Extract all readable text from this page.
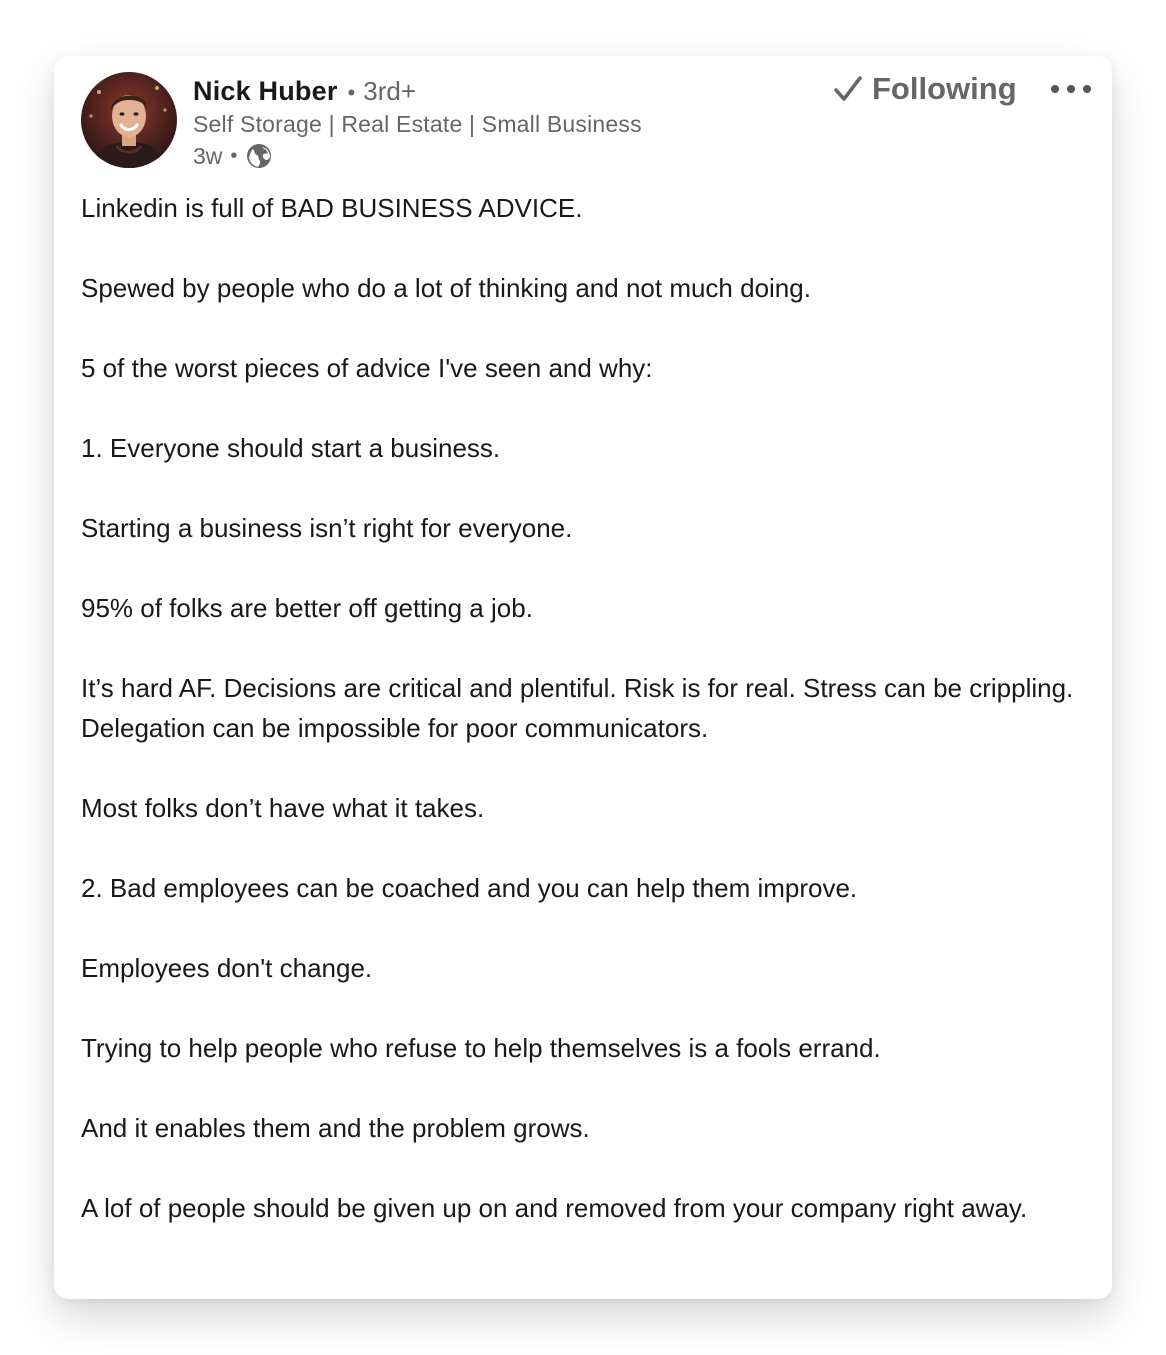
Nick Huber • 3rd+
Self Storage | Real Estate | Small Business
3w •
Following

Linkedin is full of BAD BUSINESS ADVICE.

Spewed by people who do a lot of thinking and not much doing.

5 of the worst pieces of advice I've seen and why:

1. Everyone should start a business.

Starting a business isn’t right for everyone.

95% of folks are better off getting a job.

It’s hard AF. Decisions are critical and plentiful. Risk is for real. Stress can be crippling. Delegation can be impossible for poor communicators.

Most folks don’t have what it takes.

2. Bad employees can be coached and you can help them improve.

Employees don't change.

Trying to help people who refuse to help themselves is a fools errand.

And it enables them and the problem grows.

A lof of people should be given up on and removed from your company right away.
